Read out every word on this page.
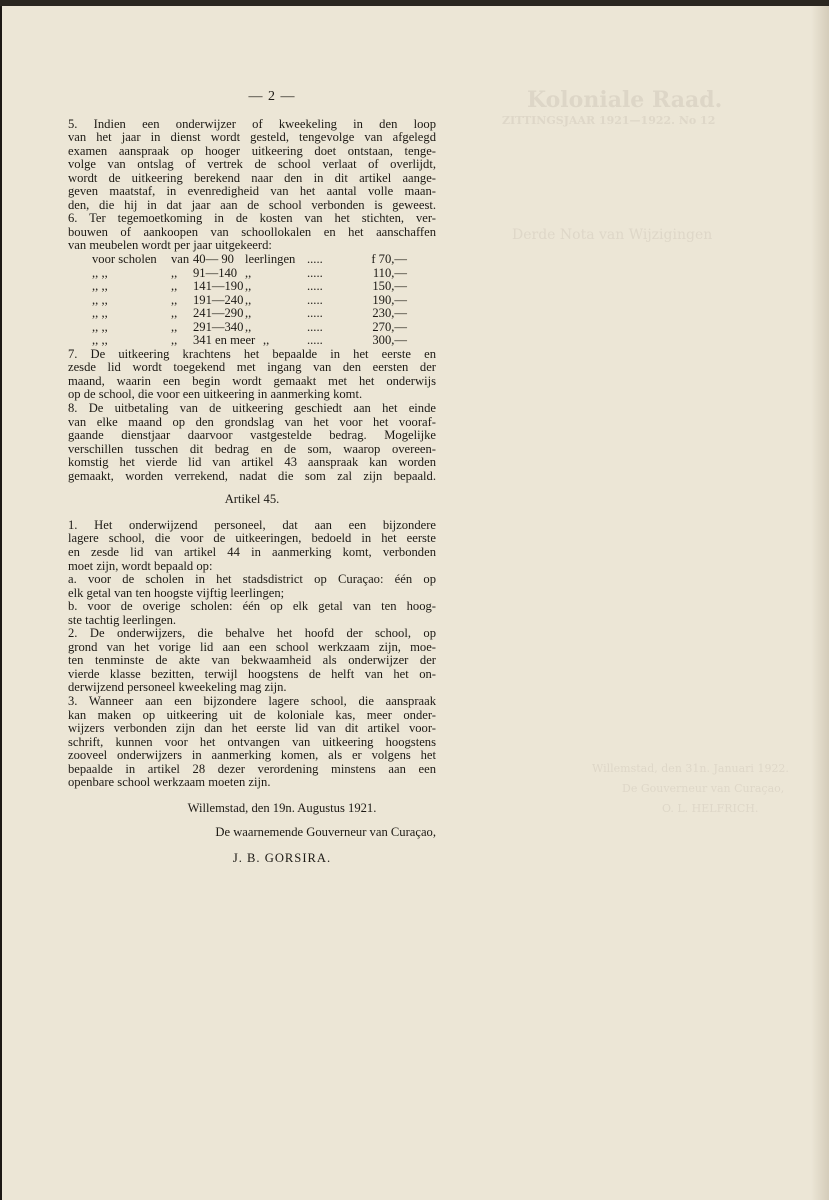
Koloniale Raad.
ZITTINGSJAAR 1921—1922. No 12
Derde Nota van Wijzigingen
Willemstad, den 31n. Januari 1922.
De Gouverneur van Curaçao,
O. L. HELFRICH.
— 2 —
5. Indien een onderwijzer of kweekeling in den loop
van het jaar in dienst wordt gesteld, tengevolge van afgelegd
examen aanspraak op hooger uitkeering doet ontstaan, tenge-
volge van ontslag of vertrek de school verlaat of overlijdt,
wordt de uitkeering berekend naar den in dit artikel aange-
geven maatstaf, in evenredigheid van het aantal volle maan-
den, die hij in dat jaar aan de school verbonden is geweest.
6. Ter tegemoetkoming in de kosten van het stichten, ver-
bouwen of aankoopen van schoollokalen en het aanschaffen
van meubelen wordt per jaar uitgekeerd:
voor scholen	van 40— 90 leerlingen .....	f 70,—
,, ,,	,,	91—140 ,,	.....	110,—
,, ,,	,,	141—190 ,,	.....	150,—
,, ,,	,,	191—240 ,,	.....	190,—
,, ,,	,,	241—290 ,,	.....	230,—
,, ,,	,,	291—340 ,,	.....	270,—
,, ,,	,,	341 en meer ,,	.....	300,—
7. De uitkeering krachtens het bepaalde in het eerste en
zesde lid wordt toegekend met ingang van den eersten der
maand, waarin een begin wordt gemaakt met het onderwijs
op de school, die voor een uitkeering in aanmerking komt.
8. De uitbetaling van de uitkeering geschiedt aan het einde
van elke maand op den grondslag van het voor het vooraf-
gaande dienstjaar daarvoor vastgestelde bedrag. Mogelijke
verschillen tusschen dit bedrag en de som, waarop overeen-
komstig het vierde lid van artikel 43 aanspraak kan worden
gemaakt, worden verrekend, nadat die som zal zijn bepaald.
Artikel 45.
1. Het onderwijzend personeel, dat aan een bijzondere
lagere school, die voor de uitkeeringen, bedoeld in het eerste
en zesde lid van artikel 44 in aanmerking komt, verbonden
moet zijn, wordt bepaald op:
a. voor de scholen in het stadsdistrict op Curaçao: één op
elk getal van ten hoogste vijftig leerlingen;
b. voor de overige scholen: één op elk getal van ten hoog-
ste tachtig leerlingen.
2. De onderwijzers, die behalve het hoofd der school, op
grond van het vorige lid aan een school werkzaam zijn, moe-
ten tenminste de akte van bekwaamheid als onderwijzer der
vierde klasse bezitten, terwijl hoogstens de helft van het on-
derwijzend personeel kweekeling mag zijn.
3. Wanneer aan een bijzondere lagere school, die aanspraak
kan maken op uitkeering uit de koloniale kas, meer onder-
wijzers verbonden zijn dan het eerste lid van dit artikel voor-
schrift, kunnen voor het ontvangen van uitkeering hoogstens
zooveel onderwijzers in aanmerking komen, als er volgens het
bepaalde in artikel 28 dezer verordening minstens aan een
openbare school werkzaam moeten zijn.
Willemstad, den 19n. Augustus 1921.
De waarnemende Gouverneur van Curaçao,
J. B. GORSIRA.
